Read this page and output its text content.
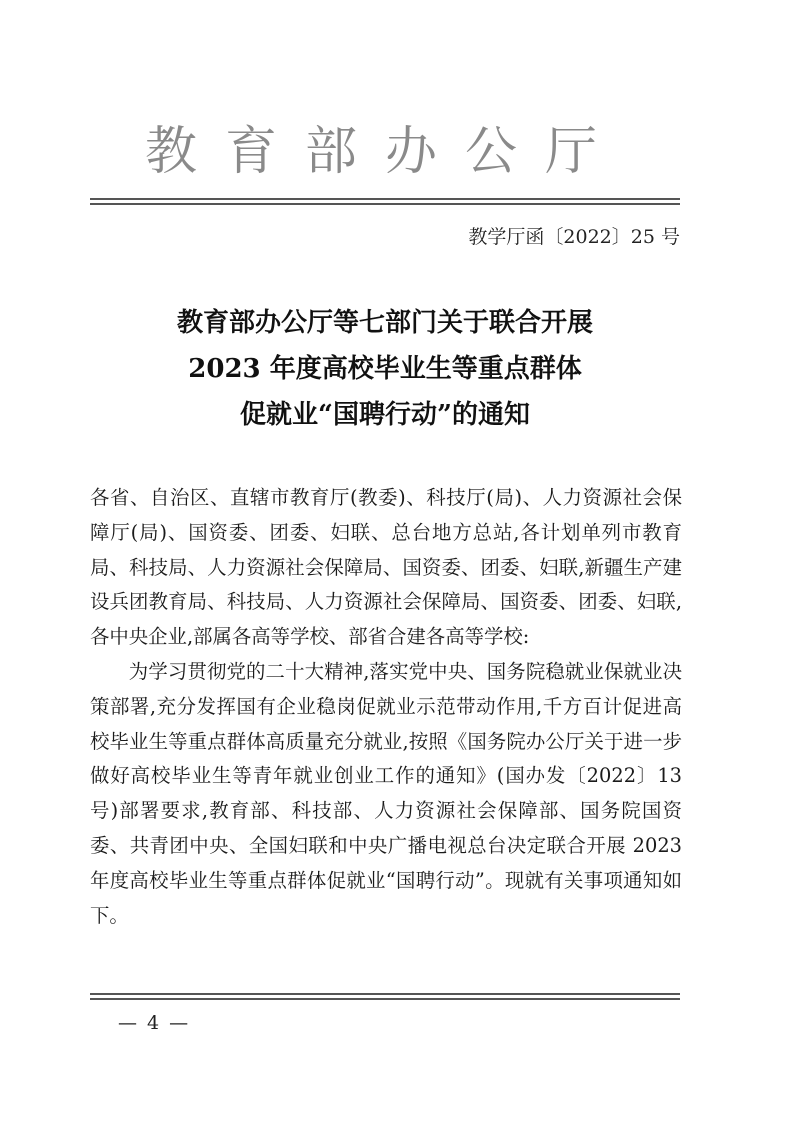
教育部办公厅
教学厅函〔2022〕25 号
教育部办公厅等七部门关于联合开展
2023 年度高校毕业生等重点群体
促就业“国聘行动”的通知

各省、自治区、直辖市教育厅(教委)、科技厅(局)、人力资源社会保障厅(局)、国资委、团委、妇联、总台地方总站,各计划单列市教育局、科技局、人力资源社会保障局、国资委、团委、妇联,新疆生产建设兵团教育局、科技局、人力资源社会保障局、国资委、团委、妇联,各中央企业,部属各高等学校、部省合建各高等学校:

为学习贯彻党的二十大精神,落实党中央、国务院稳就业保就业决策部署,充分发挥国有企业稳岗促就业示范带动作用,千方百计促进高校毕业生等重点群体高质量充分就业,按照《国务院办公厅关于进一步做好高校毕业生等青年就业创业工作的通知》(国办发〔2022〕13 号)部署要求,教育部、科技部、人力资源社会保障部、国务院国资委、共青团中央、全国妇联和中央广播电视总台决定联合开展 2023 年度高校毕业生等重点群体促就业“国聘行动”。现就有关事项通知如下。

— 4 —
